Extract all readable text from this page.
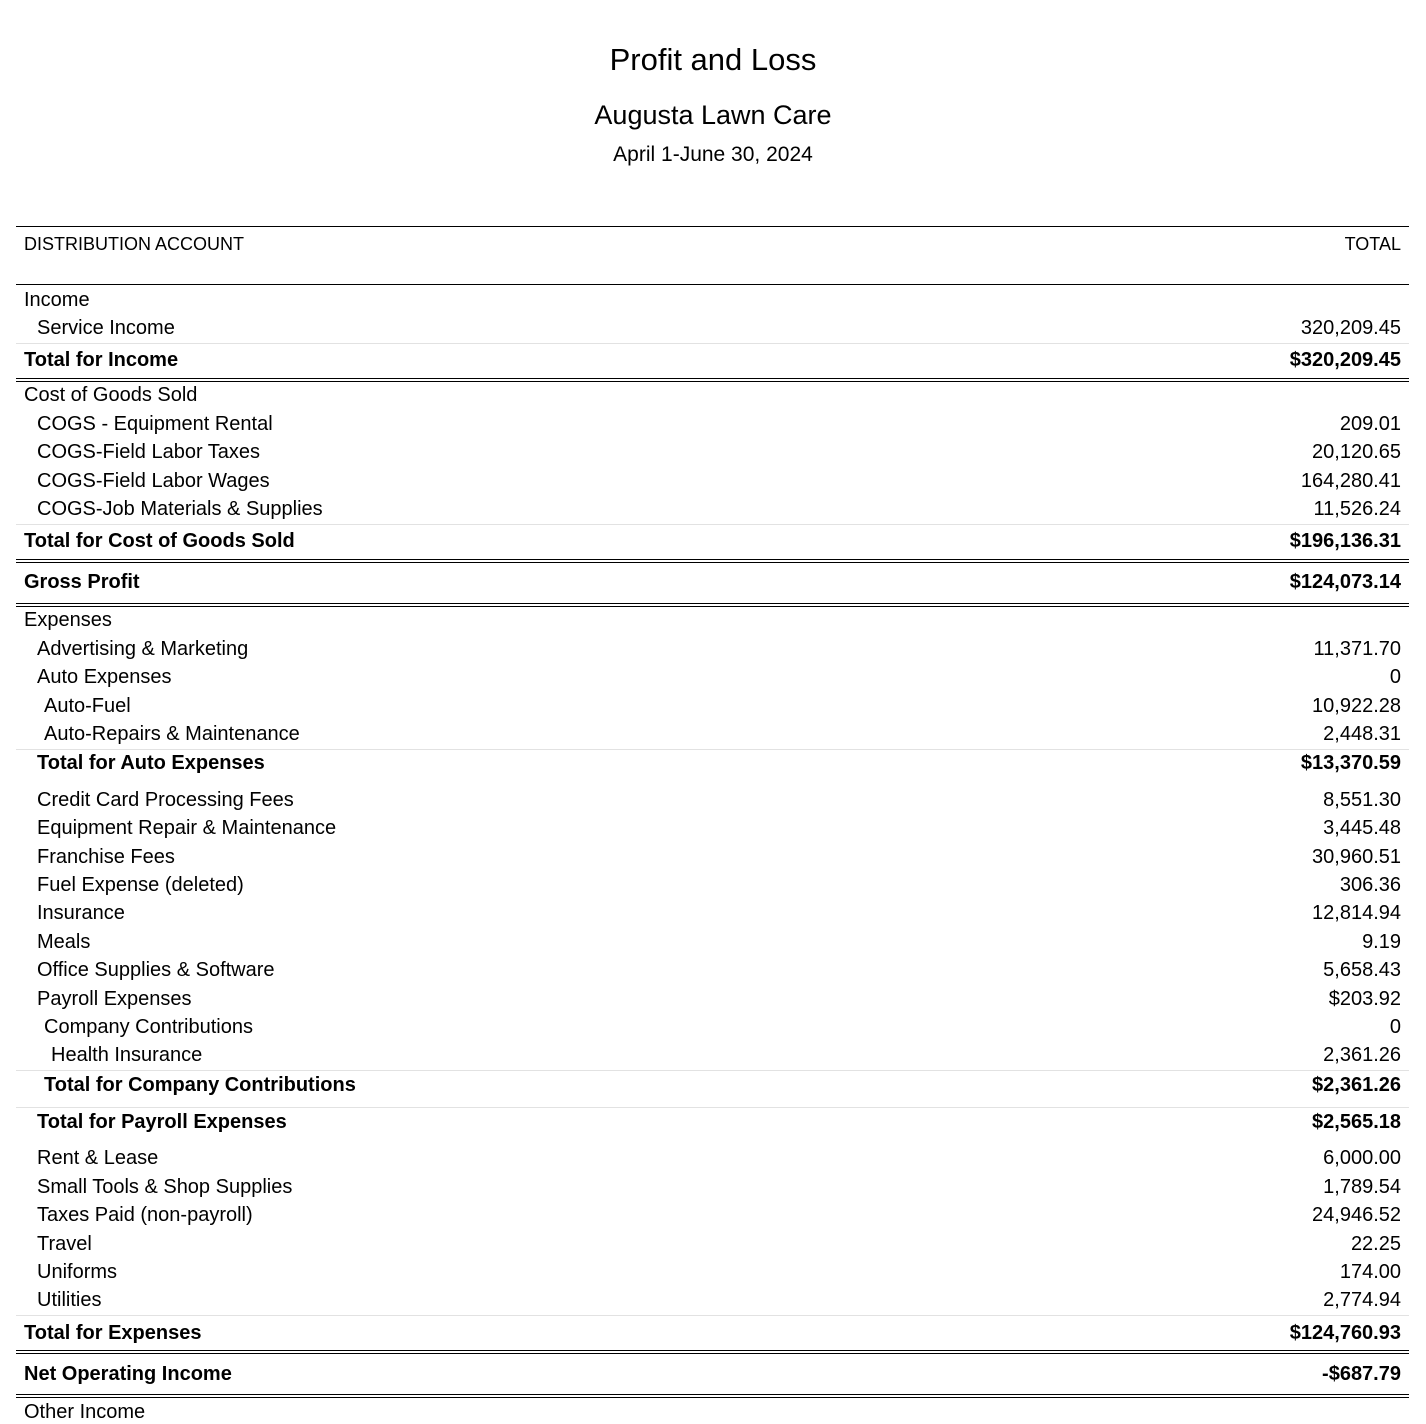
Profit and Loss
Augusta Lawn Care
April 1-June 30, 2024
DISTRIBUTION ACCOUNT	TOTAL
Income
Service Income	320,209.45
Total for Income	$320,209.45
Cost of Goods Sold
COGS - Equipment Rental	209.01
COGS-Field Labor Taxes	20,120.65
COGS-Field Labor Wages	164,280.41
COGS-Job Materials & Supplies	11,526.24
Total for Cost of Goods Sold	$196,136.31
Gross Profit	$124,073.14
Expenses
Advertising & Marketing	11,371.70
Auto Expenses	0
Auto-Fuel	10,922.28
Auto-Repairs & Maintenance	2,448.31
Total for Auto Expenses	$13,370.59
Credit Card Processing Fees	8,551.30
Equipment Repair & Maintenance	3,445.48
Franchise Fees	30,960.51
Fuel Expense (deleted)	306.36
Insurance	12,814.94
Meals	9.19
Office Supplies & Software	5,658.43
Payroll Expenses	$203.92
Company Contributions	0
Health Insurance	2,361.26
Total for Company Contributions	$2,361.26
Total for Payroll Expenses	$2,565.18
Rent & Lease	6,000.00
Small Tools & Shop Supplies	1,789.54
Taxes Paid (non-payroll)	24,946.52
Travel	22.25
Uniforms	174.00
Utilities	2,774.94
Total for Expenses	$124,760.93
Net Operating Income	-$687.79
Other Income
